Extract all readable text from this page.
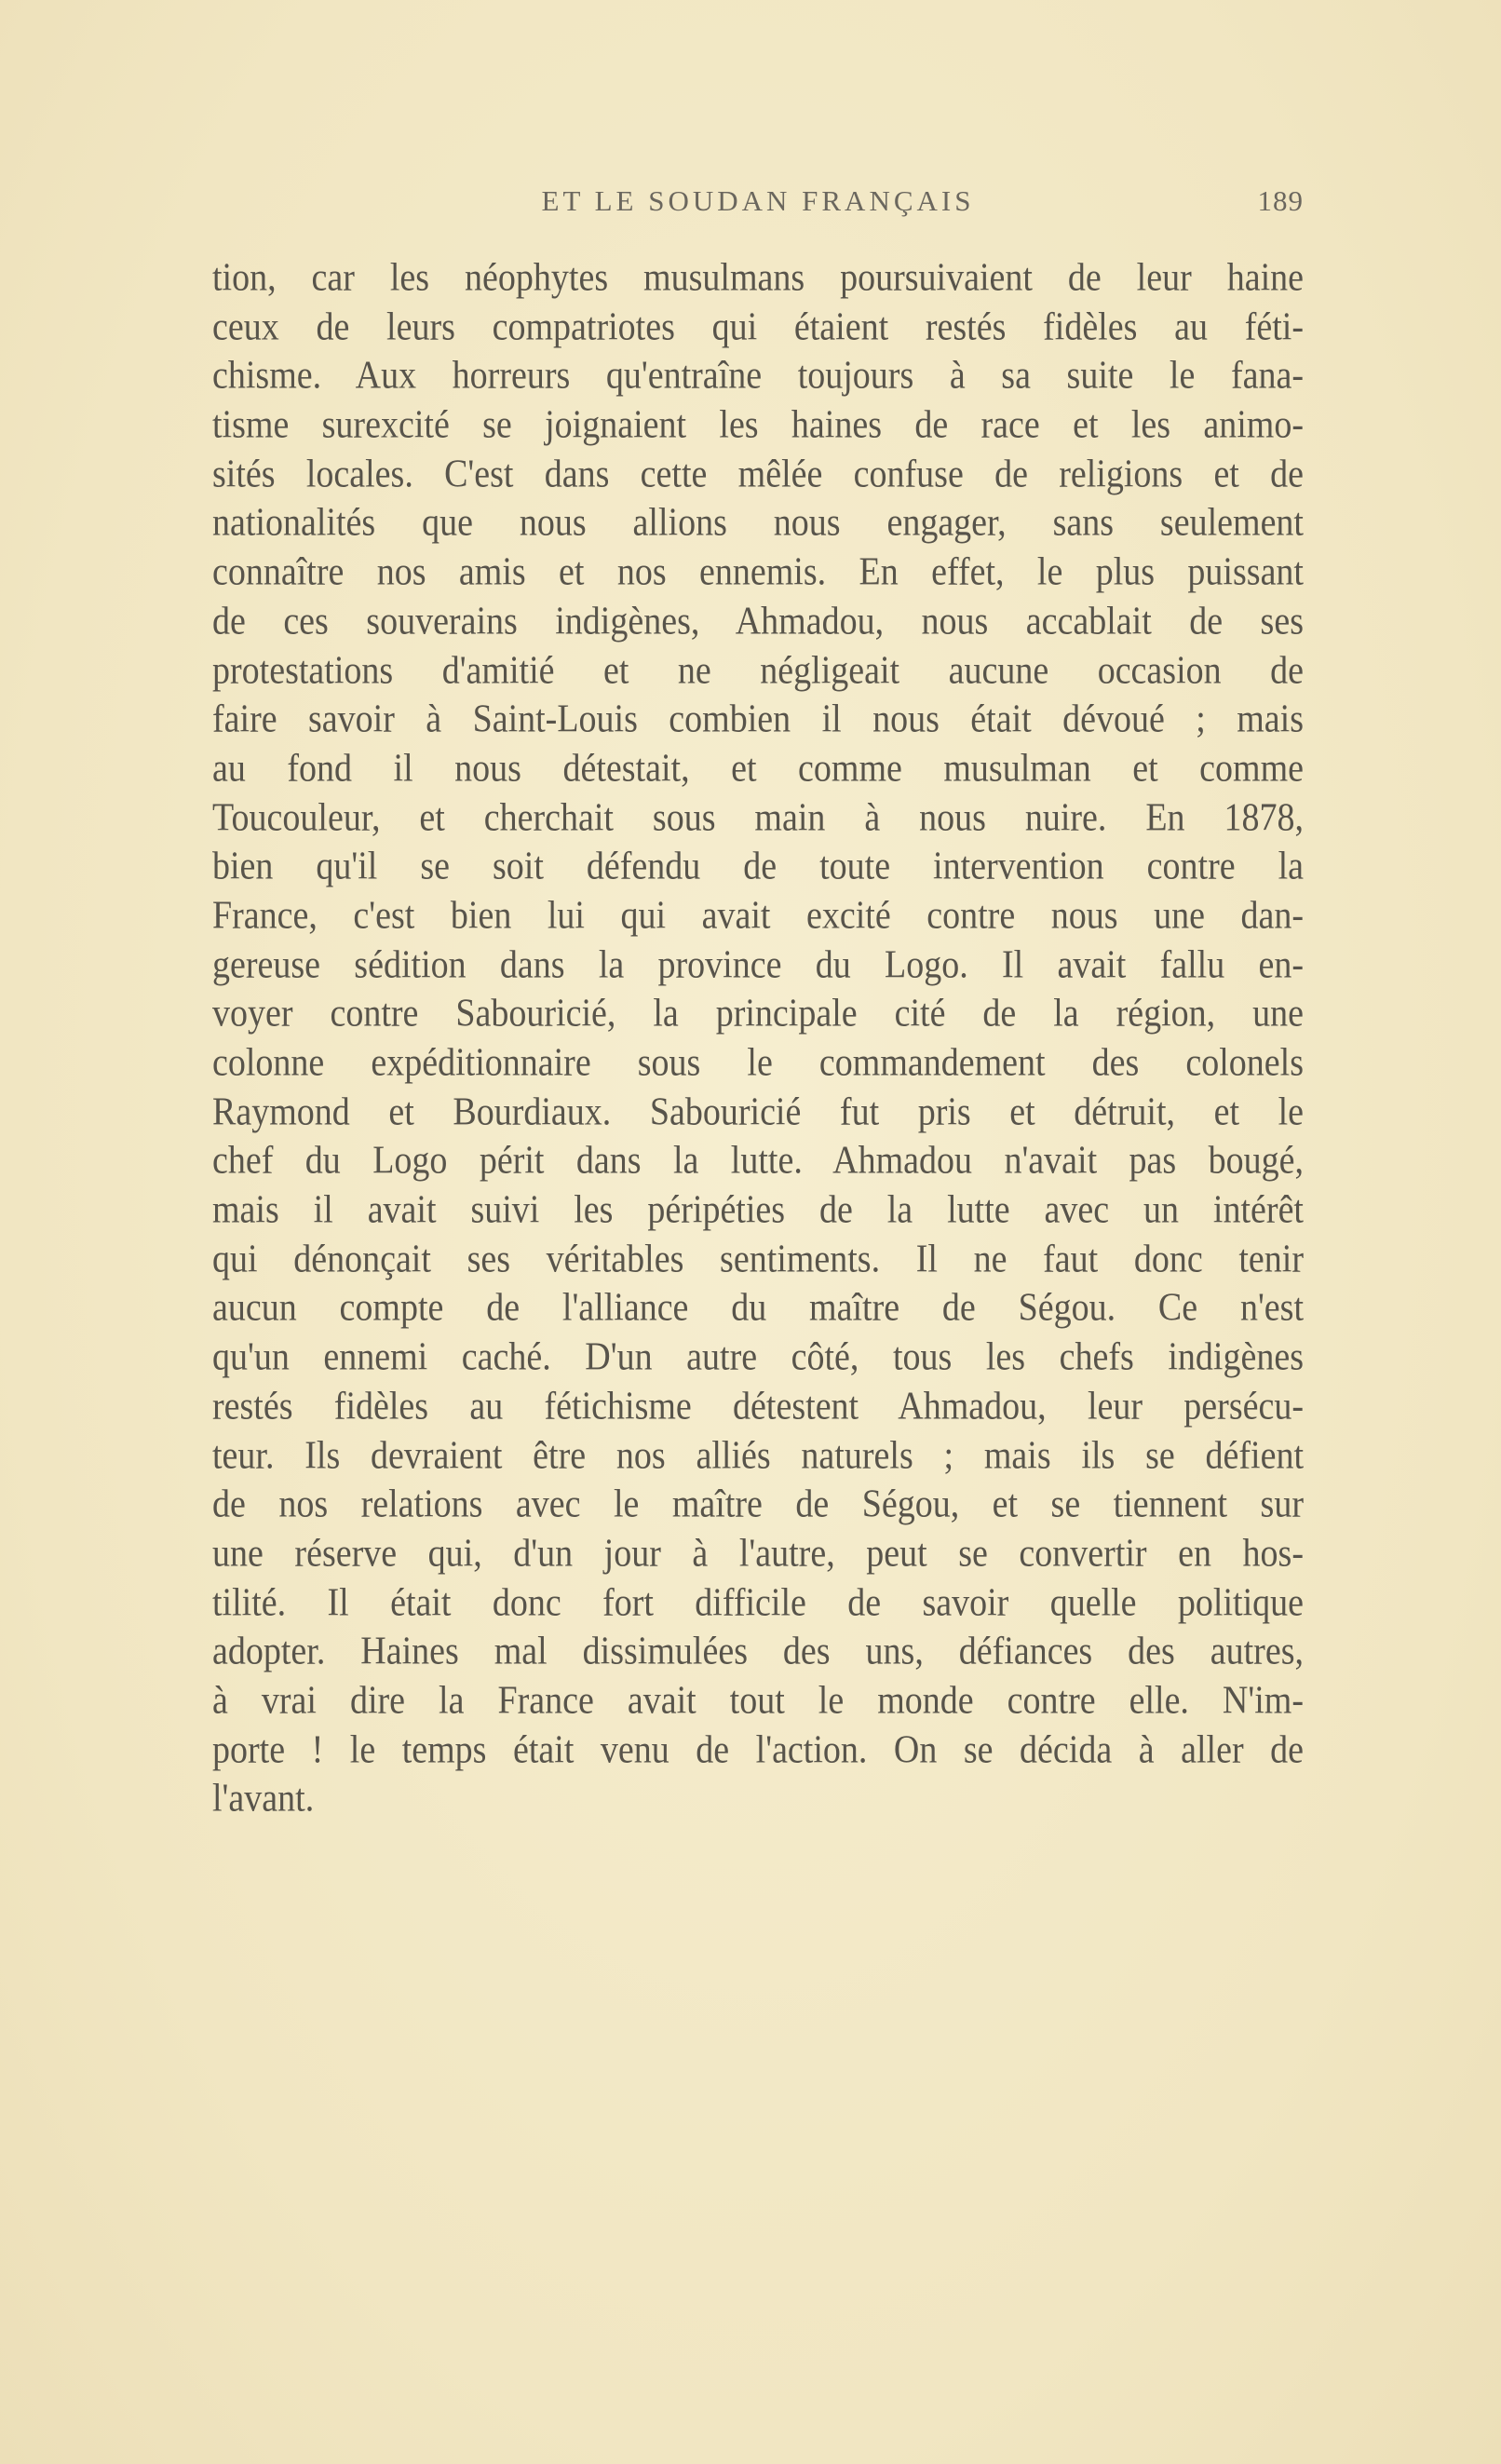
ET LE SOUDAN FRANÇAIS	189
tion, car les néophytes musulmans poursuivaient de leur haine
ceux de leurs compatriotes qui étaient restés fidèles au féti-
chisme. Aux horreurs qu'entraîne toujours à sa suite le fana-
tisme surexcité se joignaient les haines de race et les animo-
sités locales. C'est dans cette mêlée confuse de religions et de
nationalités que nous allions nous engager, sans seulement
connaître nos amis et nos ennemis. En effet, le plus puissant
de ces souverains indigènes, Ahmadou, nous accablait de ses
protestations d'amitié et ne négligeait aucune occasion de
faire savoir à Saint-Louis combien il nous était dévoué ; mais
au fond il nous détestait, et comme musulman et comme
Toucouleur, et cherchait sous main à nous nuire. En 1878,
bien qu'il se soit défendu de toute intervention contre la
France, c'est bien lui qui avait excité contre nous une dan-
gereuse sédition dans la province du Logo. Il avait fallu en-
voyer contre Sabouricié, la principale cité de la région, une
colonne expéditionnaire sous le commandement des colonels
Raymond et Bourdiaux. Sabouricié fut pris et détruit, et le
chef du Logo périt dans la lutte. Ahmadou n'avait pas bougé,
mais il avait suivi les péripéties de la lutte avec un intérêt
qui dénonçait ses véritables sentiments. Il ne faut donc tenir
aucun compte de l'alliance du maître de Ségou. Ce n'est
qu'un ennemi caché. D'un autre côté, tous les chefs indigènes
restés fidèles au fétichisme détestent Ahmadou, leur persécu-
teur. Ils devraient être nos alliés naturels ; mais ils se défient
de nos relations avec le maître de Ségou, et se tiennent sur
une réserve qui, d'un jour à l'autre, peut se convertir en hos-
tilité. Il était donc fort difficile de savoir quelle politique
adopter. Haines mal dissimulées des uns, défiances des autres,
à vrai dire la France avait tout le monde contre elle. N'im-
porte ! le temps était venu de l'action. On se décida à aller de
l'avant.
